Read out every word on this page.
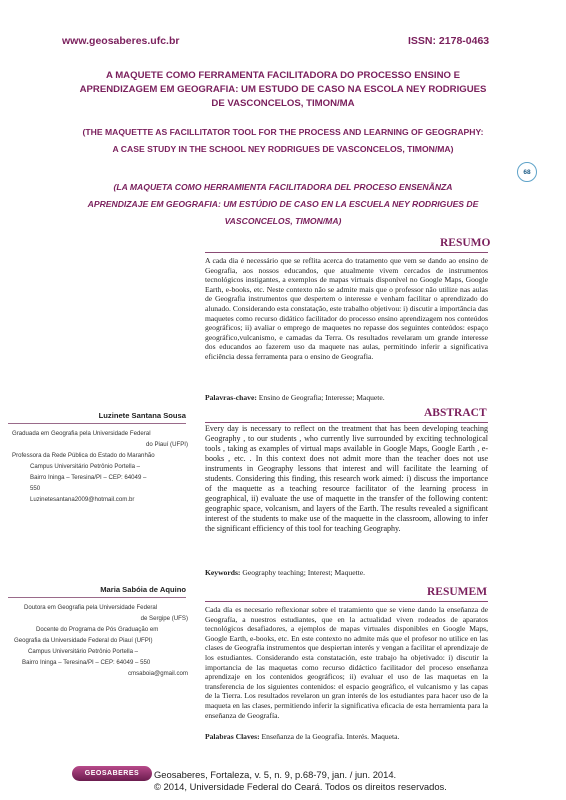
www.geosaberes.ufc.br	ISSN: 2178-0463
A MAQUETE COMO FERRAMENTA FACILITADORA DO PROCESSO ENSINO E
APRENDIZAGEM EM GEOGRAFIA: UM ESTUDO DE CASO NA ESCOLA NEY RODRIGUES
DE VASCONCELOS, TIMON/MA
(THE MAQUETTE AS FACILLITATOR TOOL FOR THE PROCESS AND LEARNING OF GEOGRAPHY:
A CASE STUDY IN THE SCHOOL NEY RODRIGUES DE VASCONCELOS, TIMON/MA)
68
(LA MAQUETA COMO HERRAMIENTA FACILITADORA DEL PROCESO ENSENÃNZA
APRENDIZAJE EM GEOGRAFIA: UM ESTÚDIO DE CASO EN LA ESCUELA NEY RODRIGUES DE
VASCONCELOS, TIMON/MA)
RESUMO
A cada dia é necessário que se reflita acerca do tratamento que vem se dando ao ensino de Geografia, aos nossos educandos, que atualmente vivem cercados de instrumentos tecnológicos instigantes, a exemplos de mapas virtuais disponível no Google Maps, Google Earth, e-books, etc. Neste contexto não se admite mais que o professor não utilize nas aulas de Geografia instrumentos que despertem o interesse e venham facilitar o aprendizado do alunado. Considerando esta constatação, este trabalho objetivou: i) discutir a importância das maquetes como recurso didático facilitador do processo ensino aprendizagem nos conteúdos geográficos; ii) avaliar o emprego de maquetes no repasse dos seguintes conteúdos: espaço geográfico,vulcanismo, e camadas da Terra. Os resultados revelaram um grande interesse dos educandos ao fazerem uso da maquete nas aulas, permitindo inferir a significativa eficiência dessa ferramenta para o ensino de Geografia.
Palavras-chave: Ensino de Geografia; Interesse; Maquete.
ABSTRACT
Every day is necessary to reflect on the treatment that has been developing teaching Geography , to our students , who currently live surrounded by exciting technological tools , taking as examples of virtual maps available in Google Maps, Google Earth , e-books , etc. . In this context does not admit more than the teacher does not use instruments in Geography lessons that interest and will facilitate the learning of students. Considering this finding, this research work aimed: i) discuss the importance of the maquette as a teaching resource facilitator of the learning process in geographical, ii) evaluate the use of maquette in the transfer of the following content: geographic space, volcanism, and layers of the Earth. The results revealed a significant interest of the students to make use of the maquette in the classroom, allowing to infer the significant efficiency of this tool for teaching Geography.
Keywords: Geography teaching; Interest; Maquette.
RESUMEM
Cada día es necesario reflexionar sobre el tratamiento que se viene dando la enseñanza de Geografía, a nuestros estudiantes, que en la actualidad viven rodeados de aparatos tecnológicos desafiadores, a ejemplos de mapas virtuales disponibles en Google Maps, Google Earth, e-books, etc. En este contexto no admite más que el profesor no utilice en las clases de Geografía instrumentos que despiertan interés y vengan a facilitar el aprendizaje de los estudiantes. Considerando esta constatación, este trabajo ha objetivado: i) discutir la importancia de las maquetas como recurso didáctico facilitador del proceso enseñanza aprendizaje en los contenidos geográficos; ii) evaluar el uso de las maquetas en la transferencia de los siguientes contenidos: el espacio geográfico, el vulcanismo y las capas de la Tierra. Los resultados revelaron un gran interés de los estudiantes para hacer uso de la maqueta en las clases, permitiendo inferir la significativa eficacia de esta herramienta para la enseñanza de Geografía.
Palabras Claves: Enseñanza de la Geografía. Interés. Maqueta.
Luzinete Santana Sousa
Graduada em Geografia pela Universidade Federal
do Piauí (UFPI)
Professora da Rede Pública do Estado do Maranhão
Campus Universitário Petrônio Portella –
Bairro Ininga – Teresina/PI – CEP: 64049 –
550
Luzinetesantana2009@hotmail.com.br
Maria Sabóia de Aquino
Doutora em Geografia pela Universidade Federal
de Sergipe (UFS)
Docente do Programa de Pós Graduação em
Geografia da Universidade Federal do Piauí (UFPI)
Campus Universitário Petrônio Portella –
Bairro Ininga – Teresina/PI – CEP: 64049 – 550
cmsaboia@gmail.com
GEOSABERES	Geosaberes, Fortaleza, v. 5, n. 9, p.68-79, jan. / jun. 2014.
© 2014, Universidade Federal do Ceará. Todos os direitos reservados.
